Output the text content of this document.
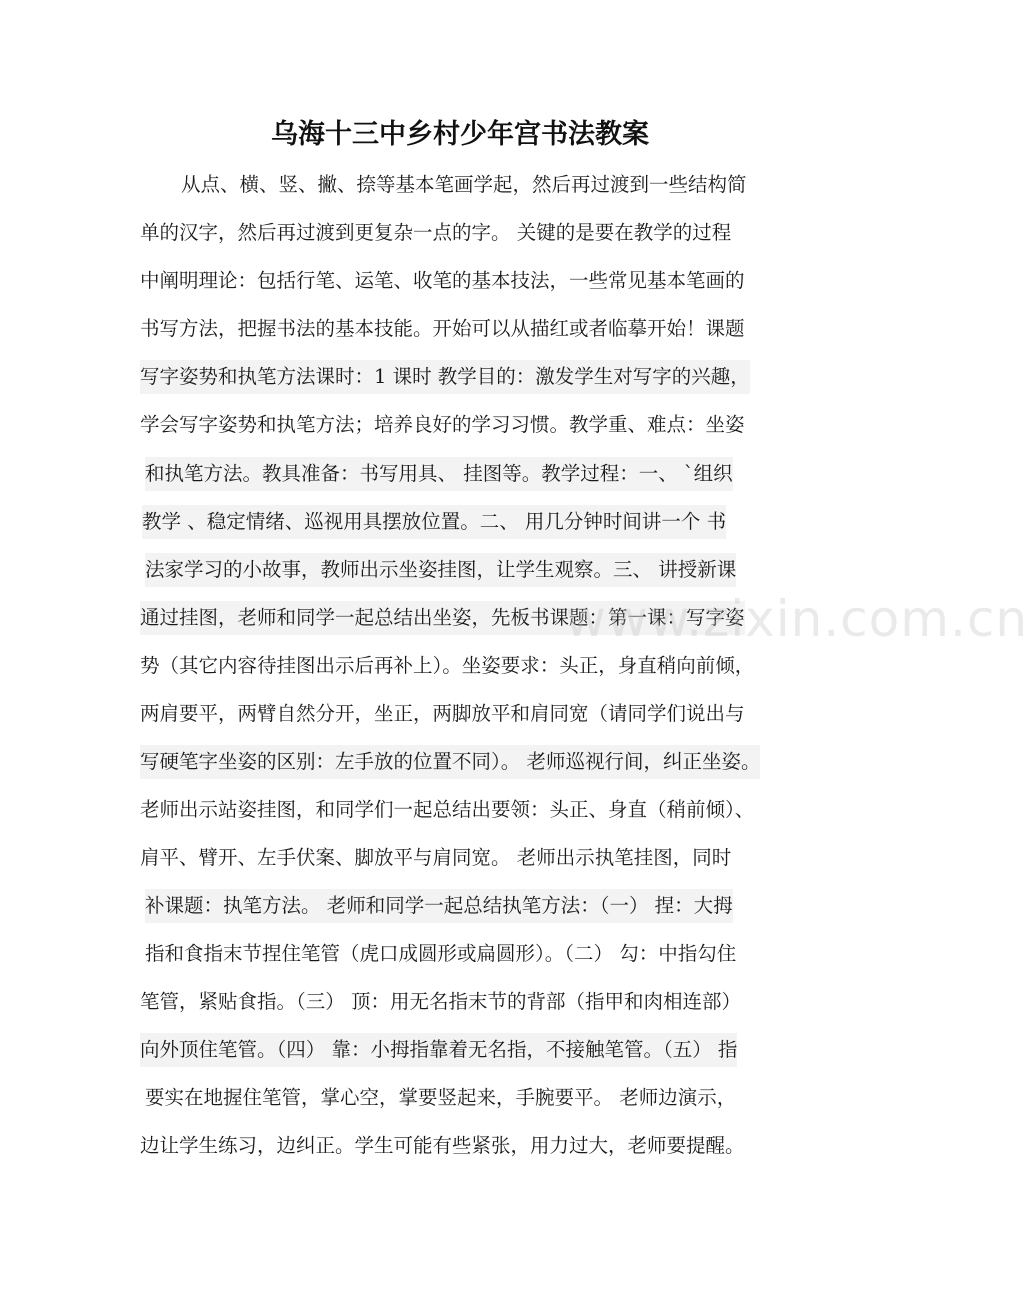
乌海十三中乡村少年宫书法教案
从点、横、竖、撇、捺等基本笔画学起，然后再过渡到一些结构简
单的汉字，然后再过渡到更复杂一点的字。 关键的是要在教学的过程
中阐明理论：包括行笔、运笔、收笔的基本技法，一些常见基本笔画的
书写方法，把握书法的基本技能。开始可以从描红或者临摹开始！课题
写字姿势和执笔方法课时：1 课时 教学目的：激发学生对写字的兴趣，
学会写字姿势和执笔方法；培养良好的学习习惯。教学重、难点：坐姿
和执笔方法。教具准备：书写用具、 挂图等。教学过程：一、 `组织
教学 、稳定情绪、巡视用具摆放位置。二、 用几分钟时间讲一个 书
法家学习的小故事，教师出示坐姿挂图，让学生观察。三、 讲授新课
通过挂图，老师和同学一起总结出坐姿，先板书课题：第一课：写字姿
势（其它内容待挂图出示后再补上）。坐姿要求：头正，身直稍向前倾，
两肩要平，两臂自然分开，坐正，两脚放平和肩同宽（请同学们说出与
写硬笔字坐姿的区别：左手放的位置不同）。 老师巡视行间，纠正坐姿。
老师出示站姿挂图，和同学们一起总结出要领：头正、身直（稍前倾）、
肩平、臂开、左手伏案、脚放平与肩同宽。 老师出示执笔挂图，同时
补课题：执笔方法。 老师和同学一起总结执笔方法：（一） 捏：大拇
指和食指末节捏住笔管（虎口成圆形或扁圆形）。（二） 勾：中指勾住
笔管，紧贴食指。（三） 顶：用无名指末节的背部（指甲和肉相连部）
向外顶住笔管。（四） 靠：小拇指靠着无名指，不接触笔管。（五） 指
要实在地握住笔管，掌心空，掌要竖起来，手腕要平。 老师边演示，
边让学生练习，边纠正。学生可能有些紧张，用力过大，老师要提醒。
www.zixin.com.cn
